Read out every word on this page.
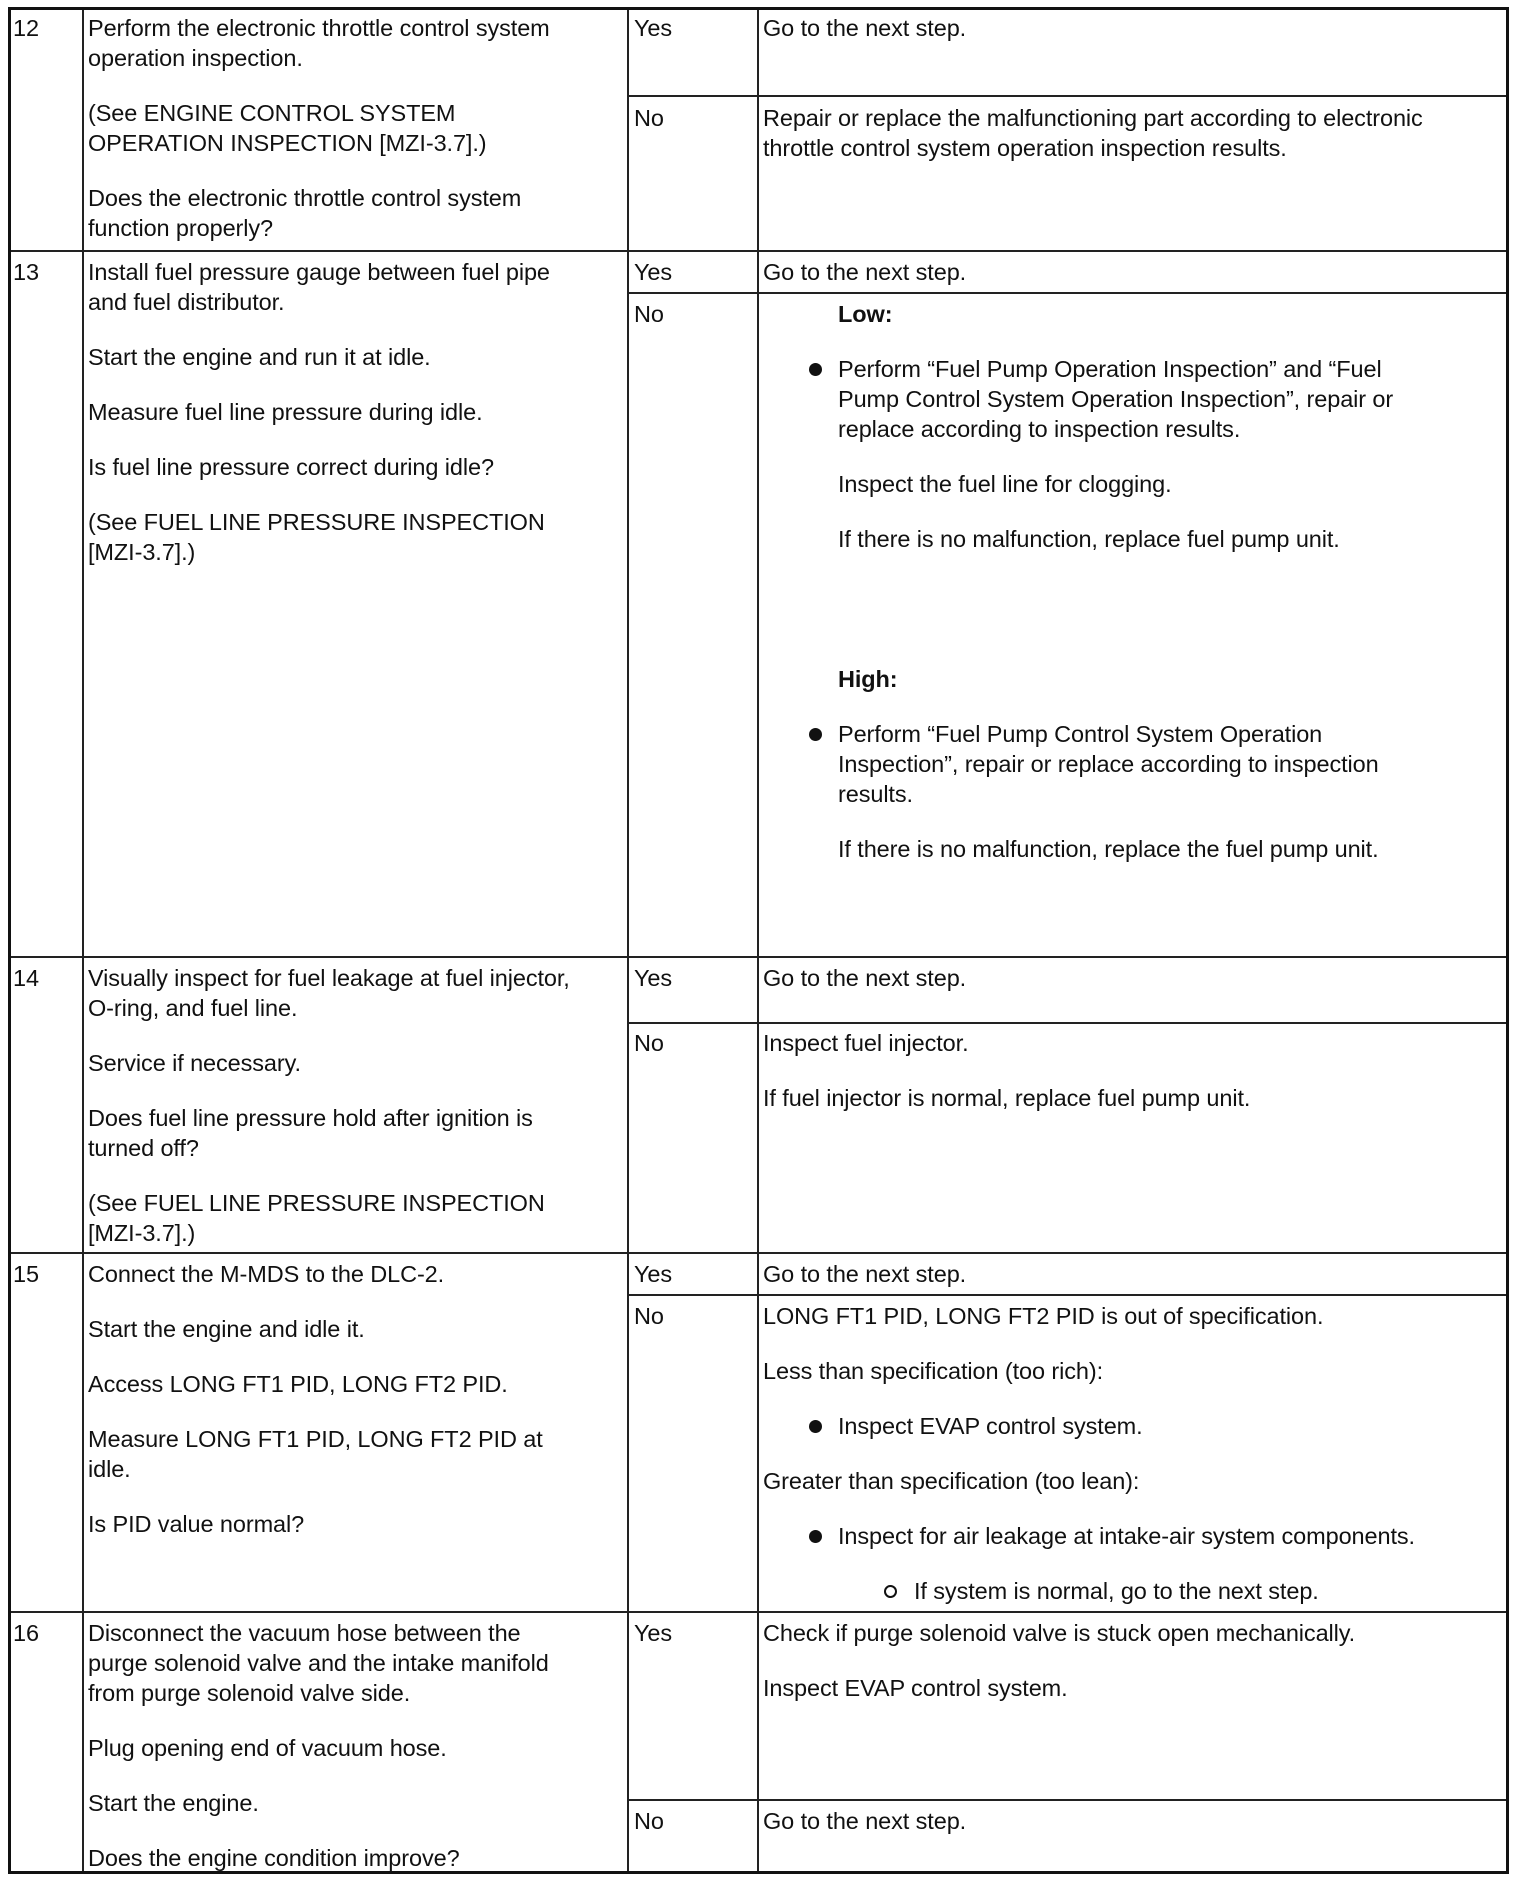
12 Perform the electronic throttle control system
operation inspection.
(See ENGINE CONTROL SYSTEM
OPERATION INSPECTION [MZI-3.7].)
Does the electronic throttle control system
function properly?
Yes	Go to the next step.
No	Repair or replace the malfunctioning part according to electronic
throttle control system operation inspection results.
13 Install fuel pressure gauge between fuel pipe
and fuel distributor.
Start the engine and run it at idle.
Measure fuel line pressure during idle.
Is fuel line pressure correct during idle?
(See FUEL LINE PRESSURE INSPECTION
[MZI-3.7].)
Yes	Go to the next step.
No	Low:
Perform “Fuel Pump Operation Inspection” and “Fuel
Pump Control System Operation Inspection”, repair or
replace according to inspection results.
Inspect the fuel line for clogging.
If there is no malfunction, replace fuel pump unit.
High:
Perform “Fuel Pump Control System Operation
Inspection”, repair or replace according to inspection
results.
If there is no malfunction, replace the fuel pump unit.
14 Visually inspect for fuel leakage at fuel injector,
O-ring, and fuel line.
Service if necessary.
Does fuel line pressure hold after ignition is
turned off?
(See FUEL LINE PRESSURE INSPECTION
[MZI-3.7].)
Yes	Go to the next step.
No	Inspect fuel injector.
If fuel injector is normal, replace fuel pump unit.
15 Connect the M-MDS to the DLC-2.
Start the engine and idle it.
Access LONG FT1 PID, LONG FT2 PID.
Measure LONG FT1 PID, LONG FT2 PID at
idle.
Is PID value normal?
Yes	Go to the next step.
No	LONG FT1 PID, LONG FT2 PID is out of specification.
Less than specification (too rich):
Inspect EVAP control system.
Greater than specification (too lean):
Inspect for air leakage at intake-air system components.
If system is normal, go to the next step.
16 Disconnect the vacuum hose between the
purge solenoid valve and the intake manifold
from purge solenoid valve side.
Plug opening end of vacuum hose.
Start the engine.
Does the engine condition improve?
Yes	Check if purge solenoid valve is stuck open mechanically.
Inspect EVAP control system.
No	Go to the next step.
